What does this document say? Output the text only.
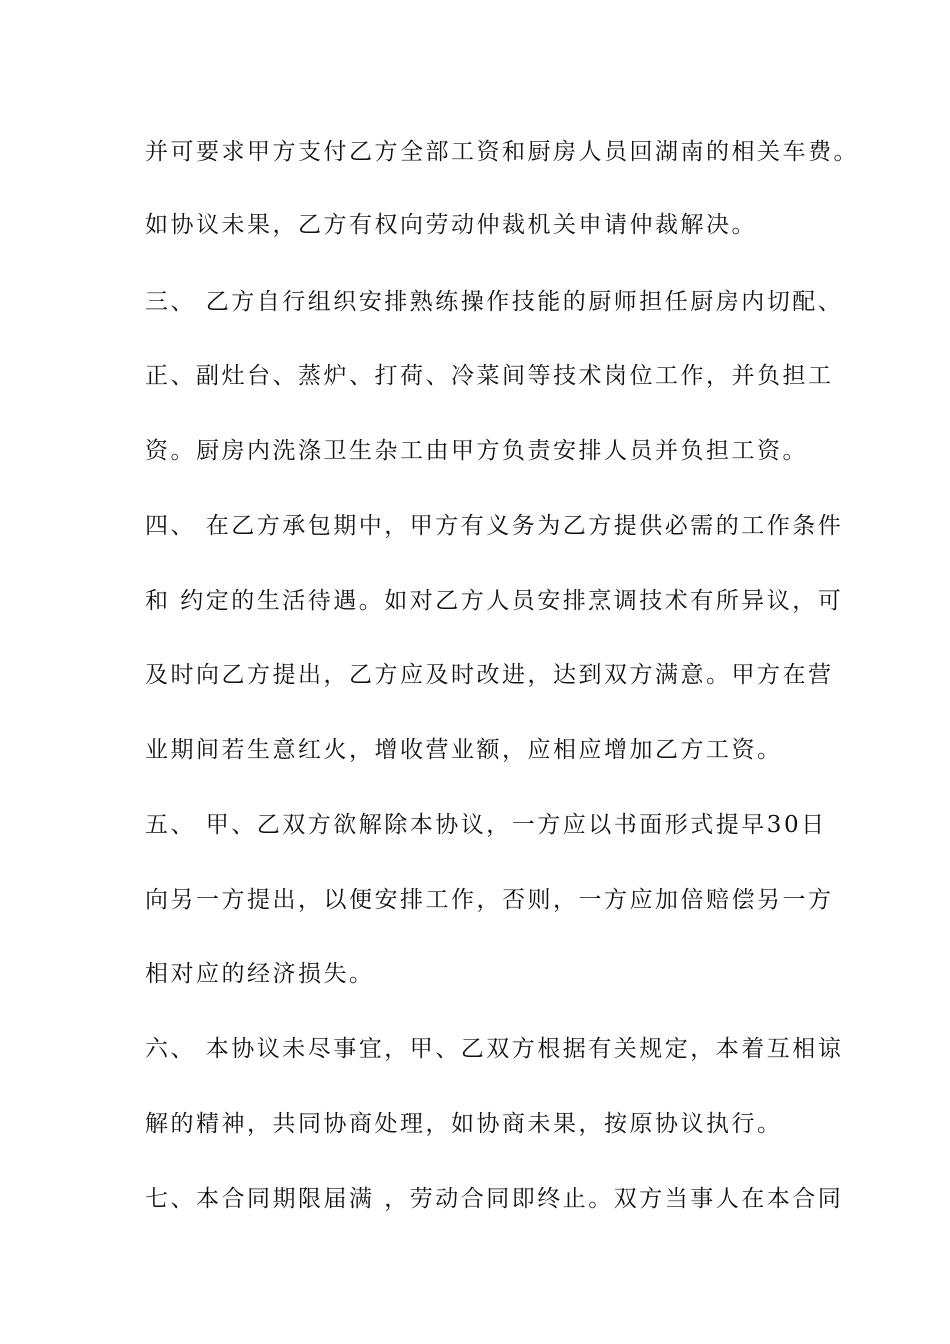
并可要求甲方支付乙方全部工资和厨房人员回湖南的相关车费。
如协议未果，乙方有权向劳动仲裁机关申请仲裁解决。
三、 乙方自行组织安排熟练操作技能的厨师担任厨房内切配、
正、副灶台、蒸炉、打荷、冷菜间等技术岗位工作，并负担工
资。厨房内洗涤卫生杂工由甲方负责安排人员并负担工资。
四、 在乙方承包期中，甲方有义务为乙方提供必需的工作条件
和 约定的生活待遇。如对乙方人员安排烹调技术有所异议，可
及时向乙方提出，乙方应及时改进，达到双方满意。甲方在营
业期间若生意红火，增收营业额，应相应增加乙方工资。
五、 甲、乙双方欲解除本协议，一方应以书面形式提早30日
向另一方提出，以便安排工作，否则，一方应加倍赔偿另一方
相对应的经济损失。
六、 本协议未尽事宜，甲、乙双方根据有关规定，本着互相谅
解的精神，共同协商处理，如协商未果，按原协议执行。
七、本合同期限届满 ，劳动合同即终止。双方当事人在本合同
